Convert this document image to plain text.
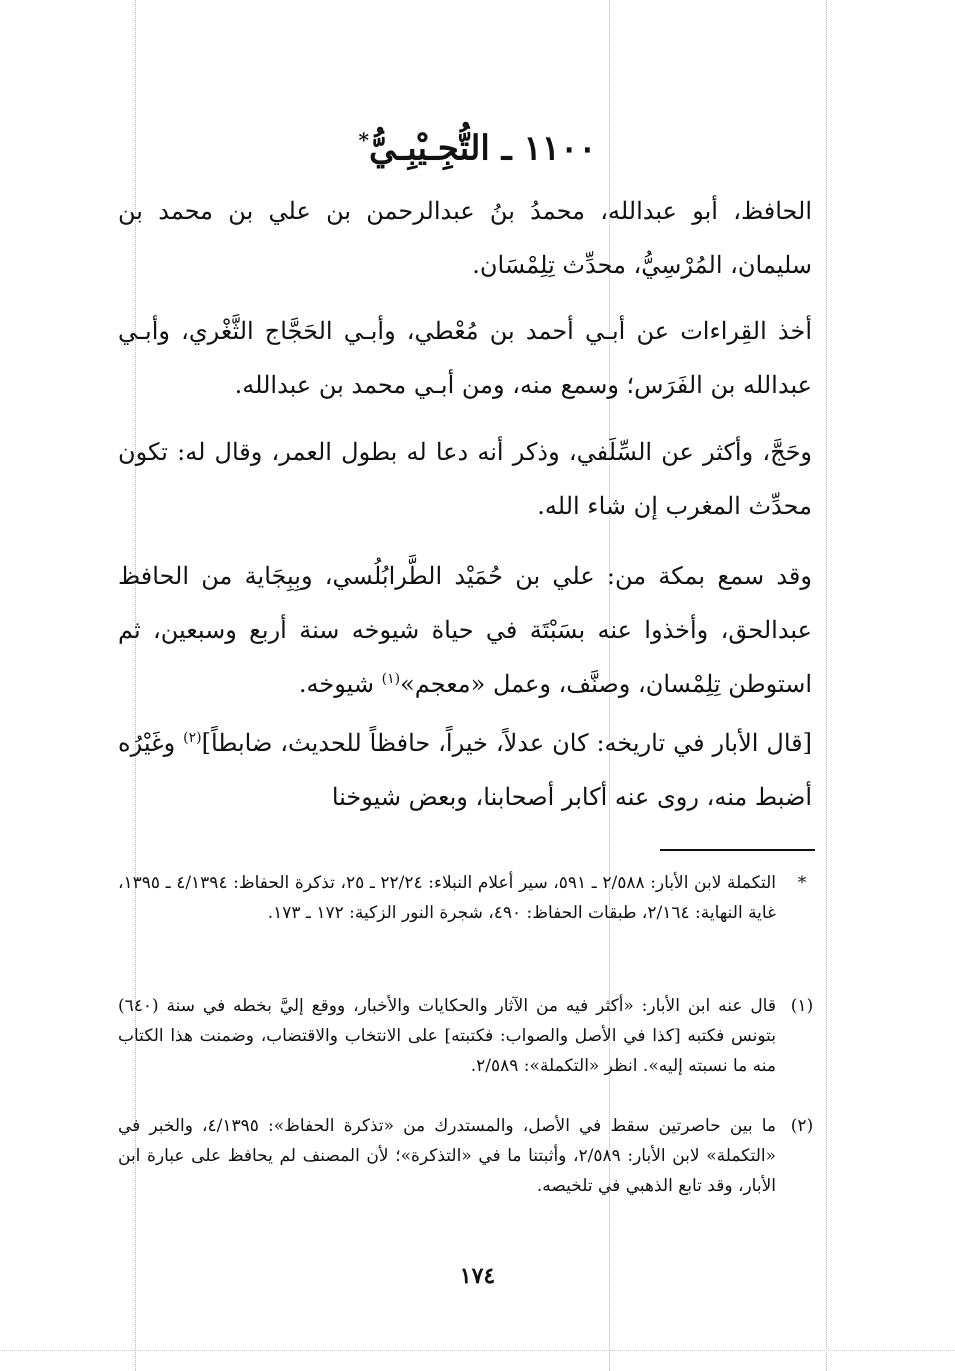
١١٠٠ ـ التُّجِـيْبِـيُّ*
الحافظ، أبو عبدالله، محمدُ بنُ عبدالرحمن بن علي بن محمد بن سليمان، المُرْسِيُّ، محدِّث تِلِمْسَان.
أخذ القِراءات عن أبـي أحمد بن مُعْطي، وأبـي الحَجَّاج الثَّغْري، وأبـي عبدالله بن الفَرَس؛ وسمع منه، ومن أبـي محمد بن عبدالله.
وحَجَّ، وأكثر عن السِّلَفي، وذكر أنه دعا له بطول العمر، وقال له: تكون محدِّث المغرب إن شاء الله.
وقد سمع بمكة من: علي بن حُمَيْد الطَّرابُلُسي، وبِبِجَاية من الحافظ عبدالحق، وأخذوا عنه بسَبْتَة في حياة شيوخه سنة أربع وسبعين، ثم استوطن تِلِمْسان، وصنَّف، وعمل «معجم»$^{(١)}$ شيوخه.
[قال الأبار في تاريخه: كان عدلاً، خيراً، حافظاً للحديث، ضابطاً]$^{(٢)}$ وغَيْرُه أضبط منه، روى عنه أكابر أصحابنا، وبعض شيوخنا
*
التكملة لابن الأبار: ٢/٥٨٨ ـ ٥٩١، سير أعلام النبلاء: ٢٢/٢٤ ـ ٢٥، تذكرة الحفاظ: ٤/١٣٩٤ ـ ١٣٩٥، غاية النهاية: ٢/١٦٤، طبقات الحفاظ: ٤٩٠، شجرة النور الزكية: ١٧٢ ـ ١٧٣.
(١)
قال عنه ابن الأبار: «أكثر فيه من الآثار والحكايات والأخبار، ووقع إليَّ بخطه في سنة (٦٤٠) بتونس فكتبه [كذا في الأصل والصواب: فكتبته] على الانتخاب والاقتضاب، وضمنت هذا الكتاب منه ما نسبته إليه». انظر «التكملة»: ٢/٥٨٩.
(٢)
ما بين حاصرتين سقط في الأصل، والمستدرك من «تذكرة الحفاظ»: ٤/١٣٩٥، والخبر في «التكملة» لابن الأبار: ٢/٥٨٩، وأثبتنا ما في «التذكرة»؛ لأن المصنف لم يحافظ على عبارة ابن الأبار، وقد تابع الذهبي في تلخيصه.
١٧٤
